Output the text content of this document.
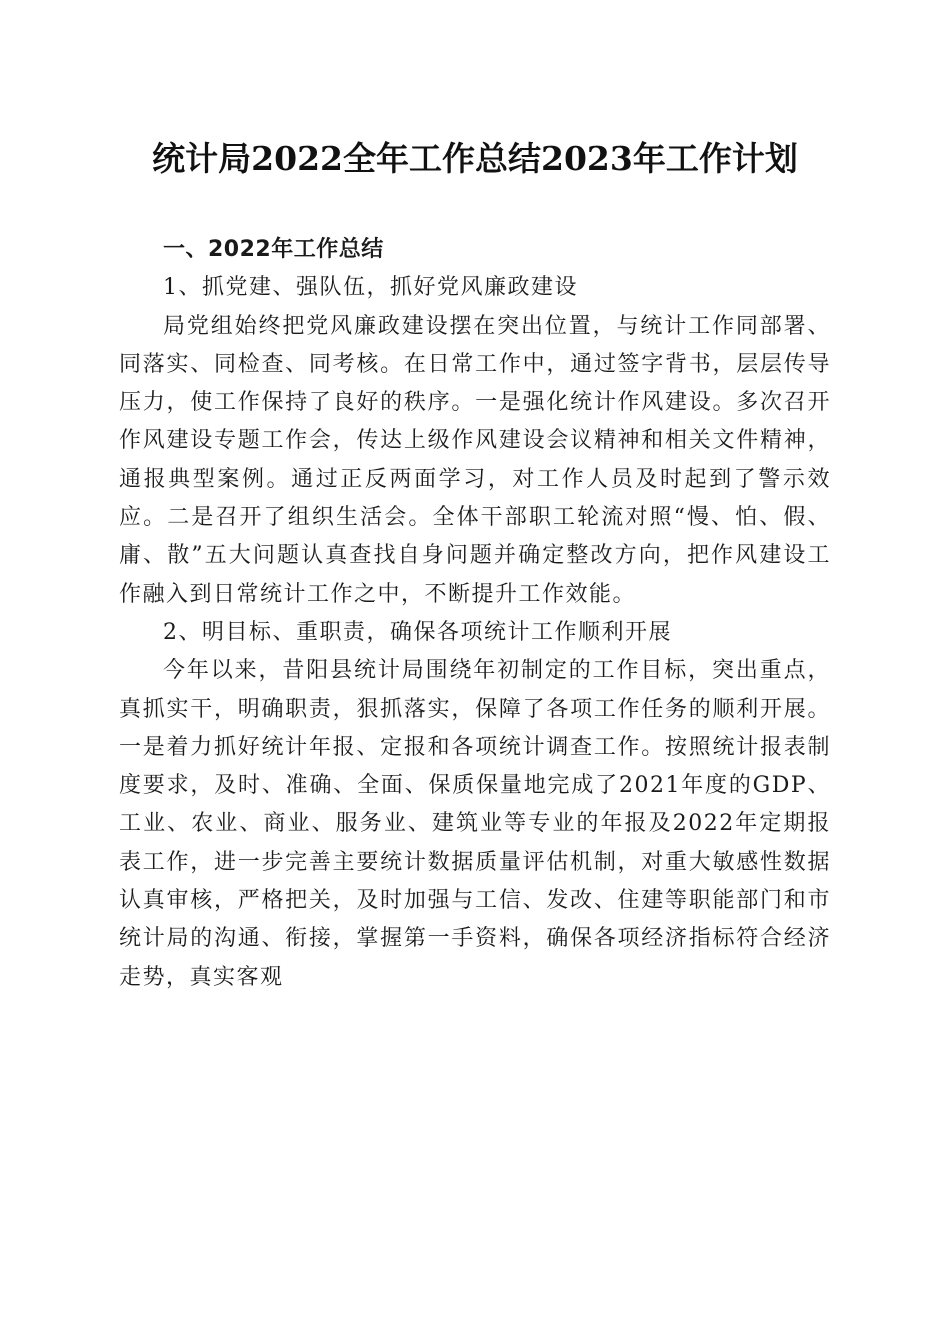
统计局2022全年工作总结2023年工作计划

一、2022年工作总结

1、抓党建、强队伍，抓好党风廉政建设

局党组始终把党风廉政建设摆在突出位置，与统计工作同部署、同落实、同检查、同考核。在日常工作中，通过签字背书，层层传导压力，使工作保持了良好的秩序。一是强化统计作风建设。多次召开作风建设专题工作会，传达上级作风建设会议精神和相关文件精神，通报典型案例。通过正反两面学习，对工作人员及时起到了警示效应。二是召开了组织生活会。全体干部职工轮流对照“慢、怕、假、庸、散”五大问题认真查找自身问题并确定整改方向，把作风建设工作融入到日常统计工作之中，不断提升工作效能。

2、明目标、重职责，确保各项统计工作顺利开展

今年以来，昔阳县统计局围绕年初制定的工作目标，突出重点，真抓实干，明确职责，狠抓落实，保障了各项工作任务的顺利开展。一是着力抓好统计年报、定报和各项统计调查工作。按照统计报表制度要求，及时、准确、全面、保质保量地完成了2021年度的GDP、工业、农业、商业、服务业、建筑业等专业的年报及2022年定期报表工作，进一步完善主要统计数据质量评估机制，对重大敏感性数据认真审核，严格把关，及时加强与工信、发改、住建等职能部门和市统计局的沟通、衔接，掌握第一手资料，确保各项经济指标符合经济走势，真实客观
